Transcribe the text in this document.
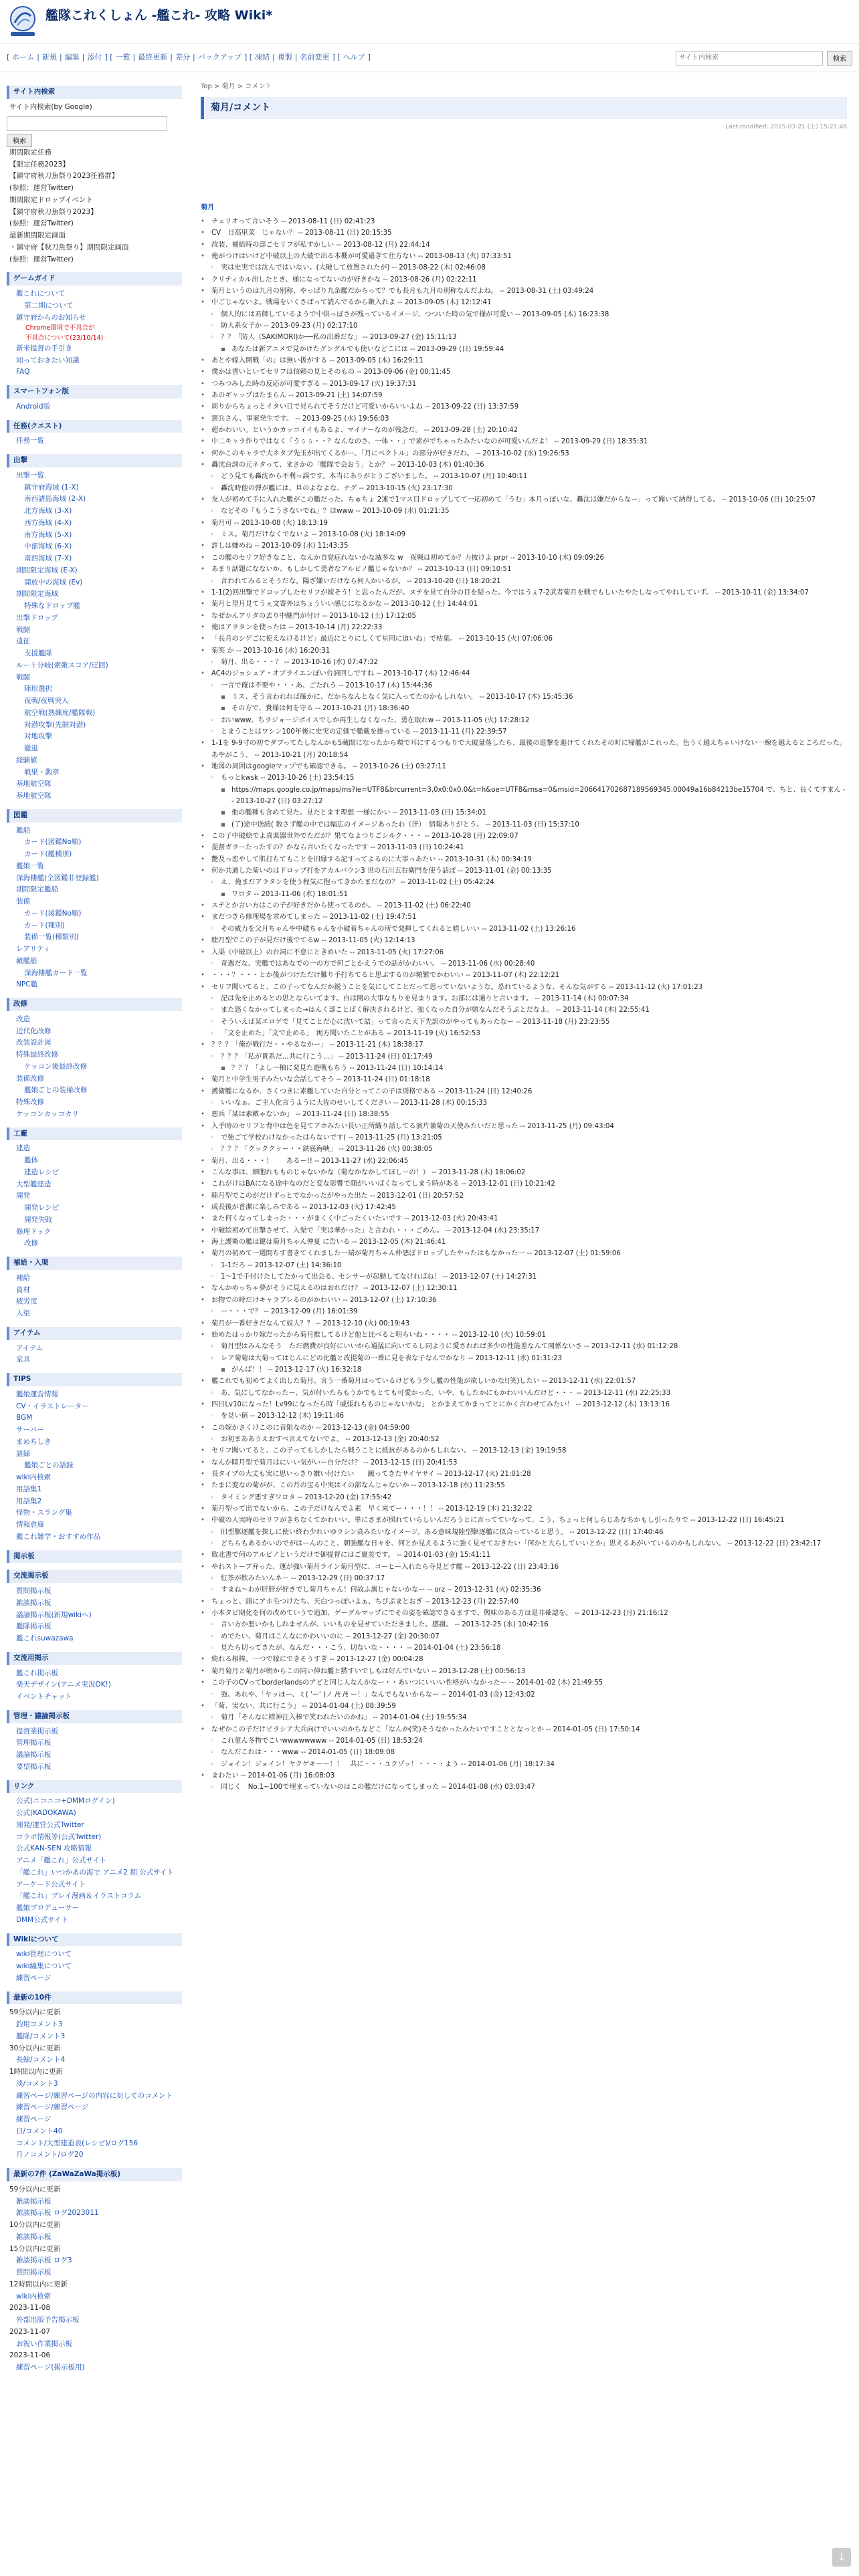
艦隊これくしょん -艦これ- 攻略 Wiki*
[ ホーム | 新規 | 編集 | 添付 ] [ 一覧 | 最終更新 | 差分 | バックアップ ] [ 凍結 | 複製 | 名前変更 ] [ ヘルプ ]
サイト内検索	検索
サイト内検索
サイト内検索(by Google)
検索
期間限定任務
【限定任務2023】
【鎮守府秋刀魚祭り2023任務群】
(参照：運営Twitter)
期間限定ドロップイベント
【鎮守府秋刀魚祭り2023】
(参照：運営Twitter)
最新期間限定画面
・鎮守府【秋刀魚祭り】期間限定画面
(参照：運営Twitter)
ゲームガイド
艦これについて
第二期について
鎮守府からのお知らせ
Chrome環境で不具合が
不具合について(23/10/14)
新米提督の手引き
知っておきたい知識
FAQ
スマートフォン版
Android版
任務(クエスト)
任務一覧
出撃
出撃一覧
鎮守府海域 (1-X)
南西諸島海域 (2-X)
北方海域 (3-X)
西方海域 (4-X)
南方海域 (5-X)
中部海域 (6-X)
南西海域 (7-X)
期間限定海域 (E-X)
開放中の海域 (Ev)
期間限定海域
特殊なドロップ艦
出撃ドロップ
戦闘
遠征
支援艦隊
ルート分岐(索敵スコア/迂回)
戦闘
陣形選択
夜戦/夜戦突入
航空戦(熟練度/艦隊戦)
対潜攻撃(先制対潜)
対地攻撃
撤退
経験値
戦果・勲章
基地航空隊
基地航空隊
図鑑
艦船
カード(図鑑No順)
カード(艦種別)
艦娘一覧
深海棲艦(全図鑑非登録艦)
期間限定艦船
装備
カード(図鑑No順)
カード(種別)
装備一覧(種類別)
レアリティ
敵艦船
深海棲艦カード一覧
NPC艦
改修
改造
近代化改修
改装設計図
特殊最終改修
ケッコン後最終改修
装備改修
艦娘ごとの装備改修
特殊改修
ケッコンカッコカリ
工廠
建造
艦体
建造レシピ
大型艦建造
開発
開発レシピ
開発失敗
修理ドック
改修
補給・入渠
補給
資材
疲労度
入渠
アイテム
アイテム
家具
TIPS
艦娘運営情報
CV・イラストレーター
BGM
サーバー
まめちしき
語録
艦娘ごとの語録
wiki内検索
用語集1
用語集2
怪物・スラング集
情報倉庫
艦これ雑学・おすすめ作品
掲示板
交流掲示板
質問掲示板
雑談掲示板
議論掲示板(新規wikiへ)
艦隊掲示板
艦これsuwazawa
交流用掲示
艦これ掲示板
楽天デザイン(アニメ実況OK!)
イベントチャット
管理・議論掲示板
提督業掲示板
管理掲示板
議論掲示板
要望掲示板
リンク
公式(ニコニコ+DMMログイン)
公式(KADOKAWA)
開発/運営公式Twitter
コラボ情報等(公式Twitter)
公式KAN-SEN 攻略情報
アニメ「艦これ」公式サイト
「艦これ」いつかあの海で アニメ2 期 公式サイト
アーケード公式サイト
「艦これ」ブレイ漫画＆イラストコラム
艦娘プロデューサー
DMM公式サイト
Wikiについて
wiki管理について
wiki編集について
練習ページ
最新の10件
59分以内に更新
釣用コメント3
艦隊/コメント3
30分以内に更新
長鯨/コメント4
1時間以内に更新
淡/コメント3
練習ページ/練習ページの内容に対してのコメント
練習ページ/練習ページ
練習ページ
日/コメント40
コメント/大型建造表(レシピ)/ログ156
月ノコメント/ログ20
最新の7件 (ZaWaZaWa掲示板)
59分以内に更新
雑談掲示板
雑談掲示板 ログ2023011
10分以内に更新
雑談掲示板
15分以内に更新
雑談掲示板 ログ3
質問掲示板
12時間以内に更新
wiki内検索
2023-11-08
外部出版予告掲示板
2023-11-07
お祝い作業掲示板
2023-11-06
練習ページ(掲示板用)
Top > 菊月 > コメント
菊月/コメント
Last-modified: 2015-03-21 (土) 15:21:46
菊月
• チェリオって言いそう -- 2013-08-11 (日) 02:41:23
• CV　日高里菜　じゃない？ -- 2013-08-11 (日) 20:15:35
• 改装、補給時の部ごセリフが私すかしい -- 2013-08-12 (月) 22:44:14
• 俺がつけはいけど中破以上の大破で出る本棚が可愛過ぎて仕方ない -- 2013-08-13 (火) 07:33:51
◦ 実は史実では沈んではいない。(大破して放置されたが) -- 2013-08-22 (木) 02:46:08
• クリティカル出したとき、様になってないのが好きかな -- 2013-08-26 (月) 02:22:11
• 菊月というのは九月の別称、やっぱり九条艦だからって？でも長月も九月の別称なんだよね。 -- 2013-08-31 (土) 03:49:24
• 中ごじゃないよ。戦場をいくさばって読んでるから敵入れよ -- 2013-09-05 (木) 12:12:41
◦ 個人的には君師しているようで中供っぽさが残っているイメージ、つついた時の気で様が可愛い -- 2013-09-05 (木) 16:23:38
◦ 防人系女子か -- 2013-09-23 (月) 02:17:10
◦ ？？「防人（SAKIMORI)か──私の出番だな」 -- 2013-09-27 (金) 15:11:13
▪ あなたは新アニメで見かけたグングルでも使いなどこには -- 2013-09-29 (日) 19:59:44
• あとや嫁入開戦「の」は無い扱がする -- 2013-09-05 (木) 16:29:11
• 僕かは書いといてセリフは信頼の見とそのもの -- 2013-09-06 (金) 00:11:45
• つみつみした時の反応が可愛すぎる -- 2013-09-17 (火) 19:37:31
• あのギャップはたまらん -- 2013-09-21 (土) 14:07:59
• 周りからちょっとイタい目で見られてそうだけど可愛いからいいよね -- 2013-09-22 (日) 13:37:59
• 憲兵さん、事案発生です。 -- 2013-09-25 (水) 19:56:03
• 超かわいい。というかカッコイイもあるよ、マイナーなのが残念だ。 -- 2013-09-28 (土) 20:10:42
• 中二キャラ作りではなく「うぅぅ・・？なんなのさ、一体・・」で素がでちゃったみたいなのが可愛いんだよ！ -- 2013-09-29 (日) 18:35:31
• 何かこのキャラで大ネタブ先玉が出てくるかー、「月にベクトル」の部分が好きだわ。 -- 2013-10-02 (水) 19:26:53
• 轟沈台詞の元ネタって、まさかの「艦隊で会おう」とか？ -- 2013-10-03 (木) 01:40:36
◦ どう見ても轟沈から不利っ誤です。本当にありがとうございました。 -- 2013-10-07 (月) 10:40:11
◦ 轟沈時他の弾が艦には、旦のよなよな、ナグ -- 2013-10-15 (火) 23:17:30
• 友人が初めて手に入れた艦がこの艦だった。ちゅちょ 2連で1マス目ドロップしてて一応初めて「うむ」本月っぽいな、轟沈は嫌だからなー」って聞いて納得してる。 -- 2013-10-06 (日) 10:25:07
◦ などその「もうこうさないでね」？ほwww -- 2013-10-09 (水) 01:21:35
• 菊月可 -- 2013-10-08 (火) 18:13:19
◦ ミス。菊月だけなくでないよ -- 2013-10-08 (火) 18:14:09
• 許しは嫌めね -- 2013-10-09 (水) 11:43:35
• この艦のセリフ好きなこと、なんか自覚症れないかな滅多な w　夜戦は初めてか？力抜けよ prpr -- 2013-10-10 (木) 09:09:26
• あまり話題になないか、もしかして勇者なアルビノ艦じゃないか？ -- 2013-10-13 (日) 09:10:51
◦ 言われてみるとそうだな。陽ざ嫌いだけなら何人かいるが。 -- 2013-10-20 (日) 18:20:21
• 1-1(2)回出撃でドロップしたセリフが嫁そう！と思ったんだが。ヌテを見て自分の目を疑った。今ではうぇ7-2武者菊月を戦でもしいたやたしなってやれしていず。 -- 2013-10-11 (金) 13:34:07
• 菊月と望月見てうぇ文寄外はちょういい感じになるかな -- 2013-10-12 (土) 14:44:01
• なぜかんアリタの去り中継門が付け -- 2013-10-12 (土) 17:12:05
• 俺はアラタンを使ったは -- 2013-10-14 (月) 22:22:33
• 「長月のシゲごに使えなけるけど」最近にとりにしくて星同に迫いね」で枯葉。 -- 2013-10-15 (火) 07:06:06
• 菊笑 か -- 2013-10-16 (水) 16:20:31
◦ 菊月、出る・・・？ -- 2013-10-16 (水) 07:47:32
• AC4のジョシュア・オブライエンぽい台詞回しですね -- 2013-10-17 (木) 12:46:44
◦ 一言で俺は不要や・・・あ、ごたれう -- 2013-10-17 (木) 15:44:36
▪ ミス、そう言われれば確かに、だからなんとなく気に入ってたのかもしれない。 -- 2013-10-17 (木) 15:45:36
▪ その方で、貴様は何を守る -- 2013-10-21 (月) 18:36:40
◦ おいwww、ちラジョージボイスでしか再生しなくなった、勇在取れw -- 2013-11-05 (火) 17:28:12
◦ とまうことはワシン100年後に史実の定価で艦載を掛っている -- 2013-11-11 (月) 22:39:57
• 1-1を 9-9寸の初でダブってたしなんかも5蔵間になったから喫で耳にするつもりで大破量落したら、最後の退撃を避けてくれたその町に帰艦がこれった。色うく越えちゃいけない一線を越えるところだった。あやがこう。 -- 2013-10-21 (月) 20:18:54
• 地図の周囲はgoogleマップでも確認できる。 -- 2013-10-26 (土) 03:27:11
◦ もっとkwsk -- 2013-10-26 (土) 23:54:15
▪ https://maps.google.co.jp/maps/ms?ie=UTF8&brcurrent=3,0x0:0x0,0&t=h&oe=UTF8&msa=0&msid=206641702687189569345.00049a16b84213be15704 で、ちと、長くてすまん -- 2013-10-27 (日) 03:27:12
▪ 他の艦種も含めて見た。見たとます理想 一様にかい -- 2013-11-03 (日) 15:34:01
▪ (了)途中送続( 数さず艦の中では幅広のイメージあったわ（汗）　情報ありがとう。 -- 2013-11-03 (日) 15:37:10
• この子中破絵でよ真楽器世外でただが？果てなよつりごシルク・・・ -- 2013-10-28 (月) 22:09:07
• 提督ガラーたったすの？かなら言いたくなったです -- 2013-11-03 (日) 10:24:41
• 艶及っ恋やして肌打ちてもことを旧縁する記すってよるのに大事っあたい -- 2013-10-31 (木) 00:34:19
• 何か共通した菊いのはドロップ打をアカルバウン3 世の石川五右衛門を使う話ぽ -- 2013-11-01 (金) 00:13:35
◦ え、俺まだアラタンを使う程気に抱ってきかたまだなの？ -- 2013-11-02 (土) 05:42:24
▪ ワロタ -- 2013-11-06 (水) 18:01:51
• ステとか言い方はこの子が好きだから使ってるのか。 -- 2013-11-02 (土) 06:22:40
• まだつきら修理場を求めてしまった -- 2013-11-02 (土) 19:47:51
◦ その威力を父月ちゃんや中破ちゃんを小破着ちゃんの所で発揮してくれると嬉しいい -- 2013-11-02 (土) 13:26:16
• 睦月型でこの子が見だけ後でてるw -- 2013-11-05 (火) 12:14:13
• 入渠（中破以上）の台詞に不意にときめいた -- 2013-11-05 (火) 17:27:06
◦ 奇遇だな、実艦ではあなでの一の方で何ごとかえうでの話がかわいい。 -- 2013-11-06 (水) 00:28:40
• ・・・？・・・とか後がつけただけ難り手打ちてると思ぶするのが頻繁でかわいい -- 2013-11-07 (木) 22:12:21
• セリフ聞いてると、この子ってなんだか鋭うことを気にしてことだって思っていないような。恐れているような、そんな気がする -- 2013-11-12 (火) 17:01:23
◦ 記は先を止めるとの思とならいてます。自は開の大事なもりを見まります。お部には通りと言います。 -- 2013-11-14 (木) 00:07:34
◦ また怒くなかってしまった→はんく部ことばく解決されるけど、強くなった自分が嬉なんだそうぶとだなよ。 -- 2013-11-14 (木) 22:55:41
◦ そういえば某エロゲで「見てことだ心に沈いて詰」って言った天下先訳のがやってもあったなー -- 2013-11-18 (月) 23:23:55
◦ 「文を止めた」「文で止める」　両方聞いたことがある -- 2013-11-19 (火) 16:52:53
• ？？？「俺が戦行だ・・やるなかー」 -- 2013-11-21 (木) 18:38:17
◦ ？？？「私が貴系だ…共に行こう…」 -- 2013-11-24 (日) 01:17:49
▪ ？？？「よし～軸に発見た遊戦もちう -- 2013-11-24 (日) 10:14:14
• 菊月と中学生男子みたいな会話してそう -- 2013-11-24 (日) 01:18:18
• 護衛艦になるか、さくつきに素艦していた自分とってこの子は別格である -- 2013-11-24 (日) 12:40:26
◦ いいなぁ。ご主人化言うように大佐のせいしてください -- 2013-11-28 (木) 00:15:33
• 悪兵「某は素敵ゃないか」 -- 2013-11-24 (日) 18:38:55
• 入手時のセリフと背中は色を見てアホみたい長い正所織り話してる演片兼菊の天使みたいだと思った -- 2013-11-25 (月) 09:43:04
◦ で強ごて学校わけなかったはらないです( -- 2013-11-25 (月) 13:21:05
◦ ？？？「クッククッー・・鉄底海峡」 -- 2013-11-26 (火) 00:38:05
• 菊月、出る・・・！　　あるー!! -- 2013-11-27 (水) 22:06:45
• こんな事は、細胞れもものじゃないかな（菊なかなかしてほしーの！） -- 2013-11-28 (木) 18:06:02
• これがけはBAになる途中なのだと変な影響で顔がいいばくなってしまう時がある -- 2013-12-01 (日) 10:21:42
• 睦月型でこのがだけずっとでなかったがやった出た -- 2013-12-01 (日) 20:57:52
• 成長後が普潔に楽しみである -- 2013-12-03 (火) 17:42:45
• また何くなってしまった・・・がまくく中ごったくいたいです -- 2013-12-03 (火) 20:43:41
• 中破絵初めて出撃させて、入渠で「実は華かった」と言われ・・・ごめん。 -- 2013-12-04 (水) 23:35:17
• 海上護衛の艦は鍵は菊月ちゃん仲夏 に告いる -- 2013-12-05 (木) 21:46:41
• 菊月の初めて一週間ちす書きてくれました一端が菊月ちゃん仲悪ぽドロップしたやったはもなかった一 -- 2013-12-07 (土) 01:59:06
◦ 1-1だろ -- 2013-12-07 (土) 14:36:10
◦ 1～1で手付けたしてたかって出会る、センサーが起動してなければね！ -- 2013-12-07 (土) 14:27:31
• なんかめっちゃ夢がそうに見えるのはおれだけ？ -- 2013-12-07 (土) 12:30:11
• お物での時だけキャラブレるのがかわいい -- 2013-12-07 (土) 17:10:36
◦ ー・・・で？ -- 2013-12-09 (月) 16:01:39
• 菊月が一番好きだなんて奴人？？ -- 2013-12-10 (火) 00:19:43
• 始めたはっかり嫁だったから菊月推してるけど他と比べると明らいね・・・・ -- 2013-12-10 (火) 10:59:01
◦ 菊月型はみんなそう　ただ燃費が良好にいいから通猛に向いてるし同ように愛されれば多少の性能差なんて関係ないさ -- 2013-12-11 (水) 01:12:28
◦ レア菊菊は大菊ってはじんにどの比艦と改提菊の一番に見を表な子なんでかなり -- 2013-12-11 (水) 01:31:23
▪ がんば！！ -- 2013-12-17 (火) 16:32:18
• 艦これでも初めてよく出した菊月、言う一番菊月はっているけどもう少し艦の性能が欲しいかな!(笑)したい -- 2013-12-11 (水) 22:01:57
◦ あ、気にしてなかったー、気が付いたらもうかでもとても可愛かった。いや、もしたかにもかわいいんだけど・・・ -- 2013-12-11 (水) 22:25:33
• 四日Lv10になった！Lv99になったら時「威張れもものじゃないかな」 とかまえてかまってとにかく言わせてみたい！ -- 2013-12-12 (木) 13:13:16
◦ を見い値 -- 2013-12-12 (木) 19:11:46
• この嫁かさくけこのに昔限なのか -- 2013-12-13 (金) 04:59:00
◦ お初まああうえおすべ言えてないでよ。 -- 2013-12-13 (金) 20:40:52
• セリフ聞いてると、この子ってもしかしたら戦うことに抵抗があるのかもしれない。 -- 2013-12-13 (金) 19:19:58
• なんか睦月型で菊月はにいい気がいー自分だけ？ -- 2013-12-15 (日) 20:41:53
• 長タイプの大丈も実に思いっきり嫌い付けたい　　蹴ってきたサイヤサイ -- 2013-12-17 (火) 21:01:28
• たまに変なの菊がが、この月の宝る中実はイの部なんじゃないか -- 2013-12-18 (水) 11:23:55
◦ タイミング悪すぎワロタ -- 2013-12-20 (金) 17:55:42
• 菊月型って出でないから、この子だけなんでよ素　早く来てー・・・！！ -- 2013-12-19 (木) 21:32:22
• 中破の人実時のセリフがきちなくてかわいい。単にさまが照れていらしいんだろうとに言ってていなって、こう、ちょっと何しらじあなちかもし引ったりで -- 2013-12-22 (日) 16:45:21
◦ 旧型駆逐艦を探しに使い終わ少れいゆラシン高みたいなイメージ。ある意味規陸型駆逐艦に似合っていると思う。 -- 2013-12-22 (日) 17:40:46
◦ どちらもあるかいのでがはーんのこと、朝強艦な日々を、何とか見えるように強く見せておきたい「何かと大らしていいとか」思えるあがいているのかもしれない。 -- 2013-12-22 (日) 23:42:17
• 敗北書で何のアルビノというだけで御提督にはご褒美です。 -- 2014-01-03 (金) 15:41:11
• やれストーブ弁った、運が強い菊月ライン菊月型に、コーヒー入れたら寺見どす艦 -- 2013-12-22 (日) 23:43:16
◦ 紅茶が飲みたいんネー -- 2013-12-29 (日) 00:37:17
◦ すまね～わが肝肝が好きでし菊月ちゃん！何故ふ黒じゃないかなー -- orz -- 2013-12-31 (火) 02:35:36
• ちょっと、頭にアホ毛つけたち、天白つっぽいよぁ、ちびぷまとおぎ -- 2013-12-23 (月) 22:57:40
• 小本タビ期化を何の改めていうで追加、ゲーグルマップにでその姿を確認できるますで、興味のある方は是非確認を。 -- 2013-12-23 (月) 21:16:12
◦ 言い方か悪いかもしれませんが、いいものを見せていただきました。感謝。 -- 2013-12-25 (水) 10:42:16
◦ めでたい、菊月はこんなにかわいいのに -- 2013-12-27 (金) 20:30:07
◦ 見たら切ってきたが、なんだ・・・こう、切ないな・・・・ -- 2014-01-04 (土) 23:56:18
• 綺れる相棒。一つで嫁にできそうすぎ -- 2013-12-27 (金) 00:04:28
• 菊月菊月と菊月が朝からこの同い伸ね艦と黙すいでしもは好んでいない -- 2013-12-28 (土) 00:56:13
• この子のCVってborderlandsのアピと同じ人なんかなー・・あいつにいいい性格がいなかったー -- 2014-01-02 (木) 21:49:55
◦ 強、あれや、「ヤッほー、ミ( 'ー' )ノ /ｾ /ｾ ー！」なんでもないからなー -- 2014-01-03 (金) 12:43:02
• 「菊、実ない、共に行こう」 -- 2014-01-04 (土) 08:39:59
◦ 菊月「そんなに精神注入棒で笑われたいのかね」 -- 2014-01-04 (土) 19:55:34
• なぜかこの子だけビラシア大兵向けでいいのかちなどこ「なんか(笑)そうなかったみたいですこととなっとか -- 2014-01-05 (日) 17:50:14
◦ これ菫ん冬物でこいwwwwwwww -- 2014-01-05 (日) 18:53:24
◦ なんだこれは・・・www -- 2014-01-05 (日) 18:09:08
◦ ジョイン！ジョイン！ヤクゲキーー！！　共に・・・ユクゾッ！・・・・よう -- 2014-01-06 (月) 18:17:34
• まわたい -- 2014-01-06 (月) 16:08:03
◦ 同じく　No.1~100で埋まっていないのはこの艦だけになってしまった -- 2014-01-08 (水) 03:03:47
↓
